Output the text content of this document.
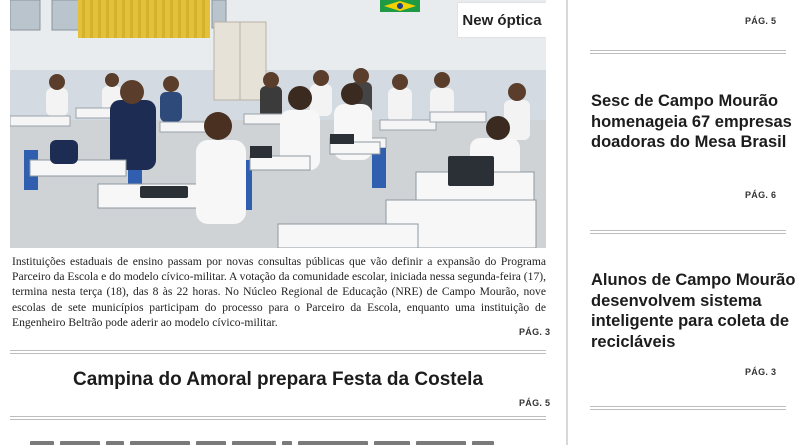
New óptica
Instituições estaduais de ensino passam por novas consultas públicas que vão definir a expansão do Programa Parceiro da Escola e do modelo cívico-militar. A votação da comunidade escolar, iniciada nessa segunda-feira (17), termina nesta terça (18), das 8 às 22 horas. No Núcleo Regional de Educação (NRE) de Campo Mourão, nove escolas de sete municípios participam do processo para o Parceiro da Escola, enquanto uma instituição de Engenheiro Beltrão pode aderir ao modelo cívico-militar.
PÁG. 3
Campina do Amoral prepara Festa da Costela
PÁG. 5
PÁG. 5
Sesc de Campo Mourão homenageia 67 empresas doadoras do Mesa Brasil
PÁG. 6
Alunos de Campo Mourão desenvolvem sistema inteligente para coleta de recicláveis
PÁG. 3
